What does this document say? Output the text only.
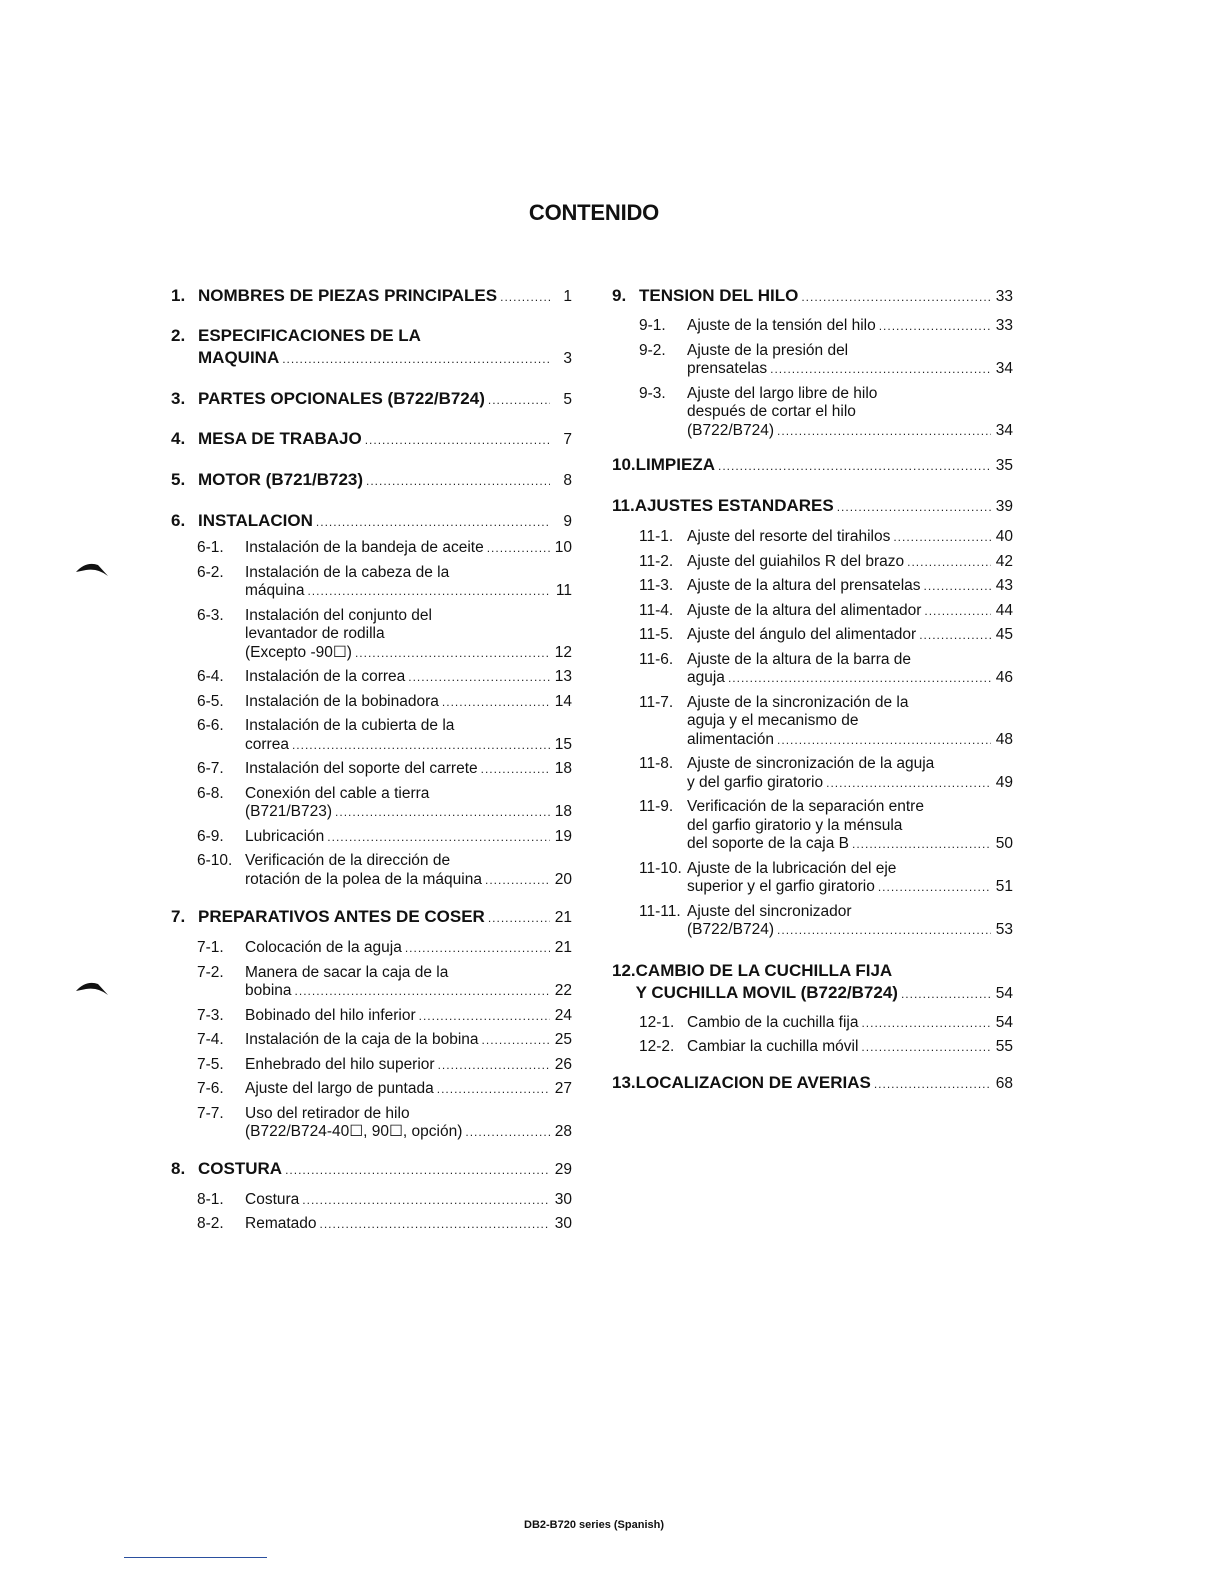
CONTENIDO
1. NOMBRES DE PIEZAS PRINCIPALES .....	1
2. ESPECIFICACIONES DE LA
MAQUINA .....	3
3. PARTES OPCIONALES (B722/B724) .....	5
4. MESA DE TRABAJO .....	7
5. MOTOR (B721/B723) .....	8
6. INSTALACION .....	9
6-1.	Instalación de la bandeja de aceite .....	10
6-2.	Instalación de la cabeza de la
máquina .....	11
6-3.	Instalación del conjunto del
levantador de rodilla
(Excepto -90☐) .....	12
6-4.	Instalación de la correa .....	13
6-5.	Instalación de la bobinadora .....	14
6-6.	Instalación de la cubierta de la
correa .....	15
6-7.	Instalación del soporte del carrete .....	18
6-8.	Conexión del cable a tierra
(B721/B723) .....	18
6-9.	Lubricación .....	19
6-10. Verificación de la dirección de
rotación de la polea de la máquina .....	20
7. PREPARATIVOS ANTES DE COSER .....	21
7-1.	Colocación de la aguja .....	21
7-2.	Manera de sacar la caja de la
bobina .....	22
7-3.	Bobinado del hilo inferior .....	24
7-4.	Instalación de la caja de la bobina .....	25
7-5.	Enhebrado del hilo superior .....	26
7-6.	Ajuste del largo de puntada .....	27
7-7.	Uso del retirador de hilo
(B722/B724-40☐, 90☐, opción) .....	28
8. COSTURA .....	29
8-1.	Costura .....	30
8-2.	Rematado .....	30
9. TENSION DEL HILO .....	33
9-1.	Ajuste de la tensión del hilo .....	33
9-2.	Ajuste de la presión del
prensatelas .....	34
9-3.	Ajuste del largo libre de hilo
después de cortar el hilo
(B722/B724) .....	34
10. LIMPIEZA .....	35
11. AJUSTES ESTANDARES .....	39
11-1. Ajuste del resorte del tirahilos .....	40
11-2. Ajuste del guiahilos R del brazo .....	42
11-3. Ajuste de la altura del prensatelas .....	43
11-4. Ajuste de la altura del alimentador .....	44
11-5. Ajuste del ángulo del alimentador .....	45
11-6. Ajuste de la altura de la barra de
aguja .....	46
11-7. Ajuste de la sincronización de la
aguja y el mecanismo de
alimentación .....	48
11-8. Ajuste de sincronización de la aguja
y del garfio giratorio .....	49
11-9. Verificación de la separación entre
del garfio giratorio y la ménsula
del soporte de la caja B .....	50
11-10. Ajuste de la lubricación del eje
superior y el garfio giratorio .....	51
11-11. Ajuste del sincronizador
(B722/B724) .....	53
12. CAMBIO DE LA CUCHILLA FIJA
Y CUCHILLA MOVIL (B722/B724) .....	54
12-1. Cambio de la cuchilla fija .....	54
12-2. Cambiar la cuchilla móvil .....	55
13. LOCALIZACION DE AVERIAS .....	68
DB2-B720 series (Spanish)
